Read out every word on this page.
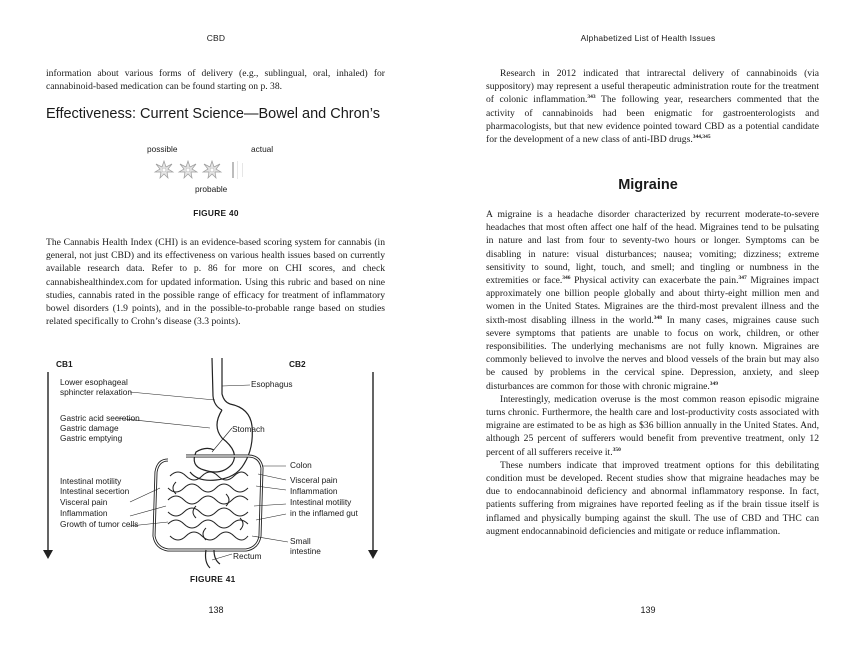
CBD

information about various forms of delivery (e.g., sublingual, oral, inhaled) for cannabinoid-based medication can be found starting on p. 38.

Effectiveness: Current Science—Bowel and Chron’s
possible	actual
probable
FIGURE 40

The Cannabis Health Index (CHI) is an evidence-based scoring system for cannabis (in general, not just CBD) and its effectiveness on various health issues based on currently available research data. Refer to p. 86 for more on CHI scores, and check cannabishealthindex.com for updated information. Using this rubric and based on nine studies, cannabis rated in the possible range of efficacy for treatment of inflammatory bowel disorders (1.9 points), and in the possible-to-probable range based on studies related specifically to Crohn’s disease (3.3 points).

CB1	CB2
Lower esophageal
sphincter relaxation
Gastric acid secretion
Gastric damage
Gastric emptying
Intestinal motility
Intestinal secertion
Visceral pain
Inflammation
Growth of tumor cells
Esophagus
Stomach
Colon
Visceral pain
Inflammation
Intestinal motility
in the inflamed gut
Small
intestine
Rectum
FIGURE 41
138
Alphabetized List of Health Issues
139

Research in 2012 indicated that intrarectal delivery of cannabinoids (via suppository) may represent a useful therapeutic administration route for the treatment of colonic inflammation.$^{343}$ The following year, researchers commented that the activity of cannabinoids had been enigmatic for gastroenterologists and pharmacologists, but that new evidence pointed toward CBD as a potential candidate for the development of a new class of anti-IBD drugs.$^{344,345}$

Migraine

A migraine is a headache disorder characterized by recurrent moderate-to-severe headaches that most often affect one half of the head. Migraines tend to be pulsating in nature and last from four to seventy-two hours or longer. Symptoms can be disabling in nature: visual disturbances; nausea; vomiting; dizziness; extreme sensitivity to sound, light, touch, and smell; and tingling or numbness in the extremities or face.$^{346}$ Physical activity can exacerbate the pain.$^{347}$ Migraines impact approximately one billion people globally and about thirty-eight million men and women in the United States. Migraines are the third-most prevalent illness and the sixth-most disabling illness in the world.$^{348}$ In many cases, migraines cause such severe symptoms that patients are unable to focus on work, children, or other responsibilities. The underlying mechanisms are not fully known. Migraines are commonly believed to involve the nerves and blood vessels of the brain but may also be caused by problems in the cervical spine. Depression, anxiety, and sleep disturbances are common for those with chronic migraine.$^{349}$

Interestingly, medication overuse is the most common reason episodic migraine turns chronic. Furthermore, the health care and lost-productivity costs associated with migraine are estimated to be as high as $36 billion annually in the United States. And, although 25 percent of sufferers would benefit from preventive treatment, only 12 percent of all sufferers receive it.$^{350}$

These numbers indicate that improved treatment options for this debilitating condition must be developed. Recent studies show that migraine headaches may be due to endocannabinoid deficiency and abnormal inflammatory response. In fact, patients suffering from migraines have reported feeling as if the brain tissue itself is inflamed and physically bumping against the skull. The use of CBD and THC can augment endocannabinoid deficiencies and mitigate or reduce inflammation.
